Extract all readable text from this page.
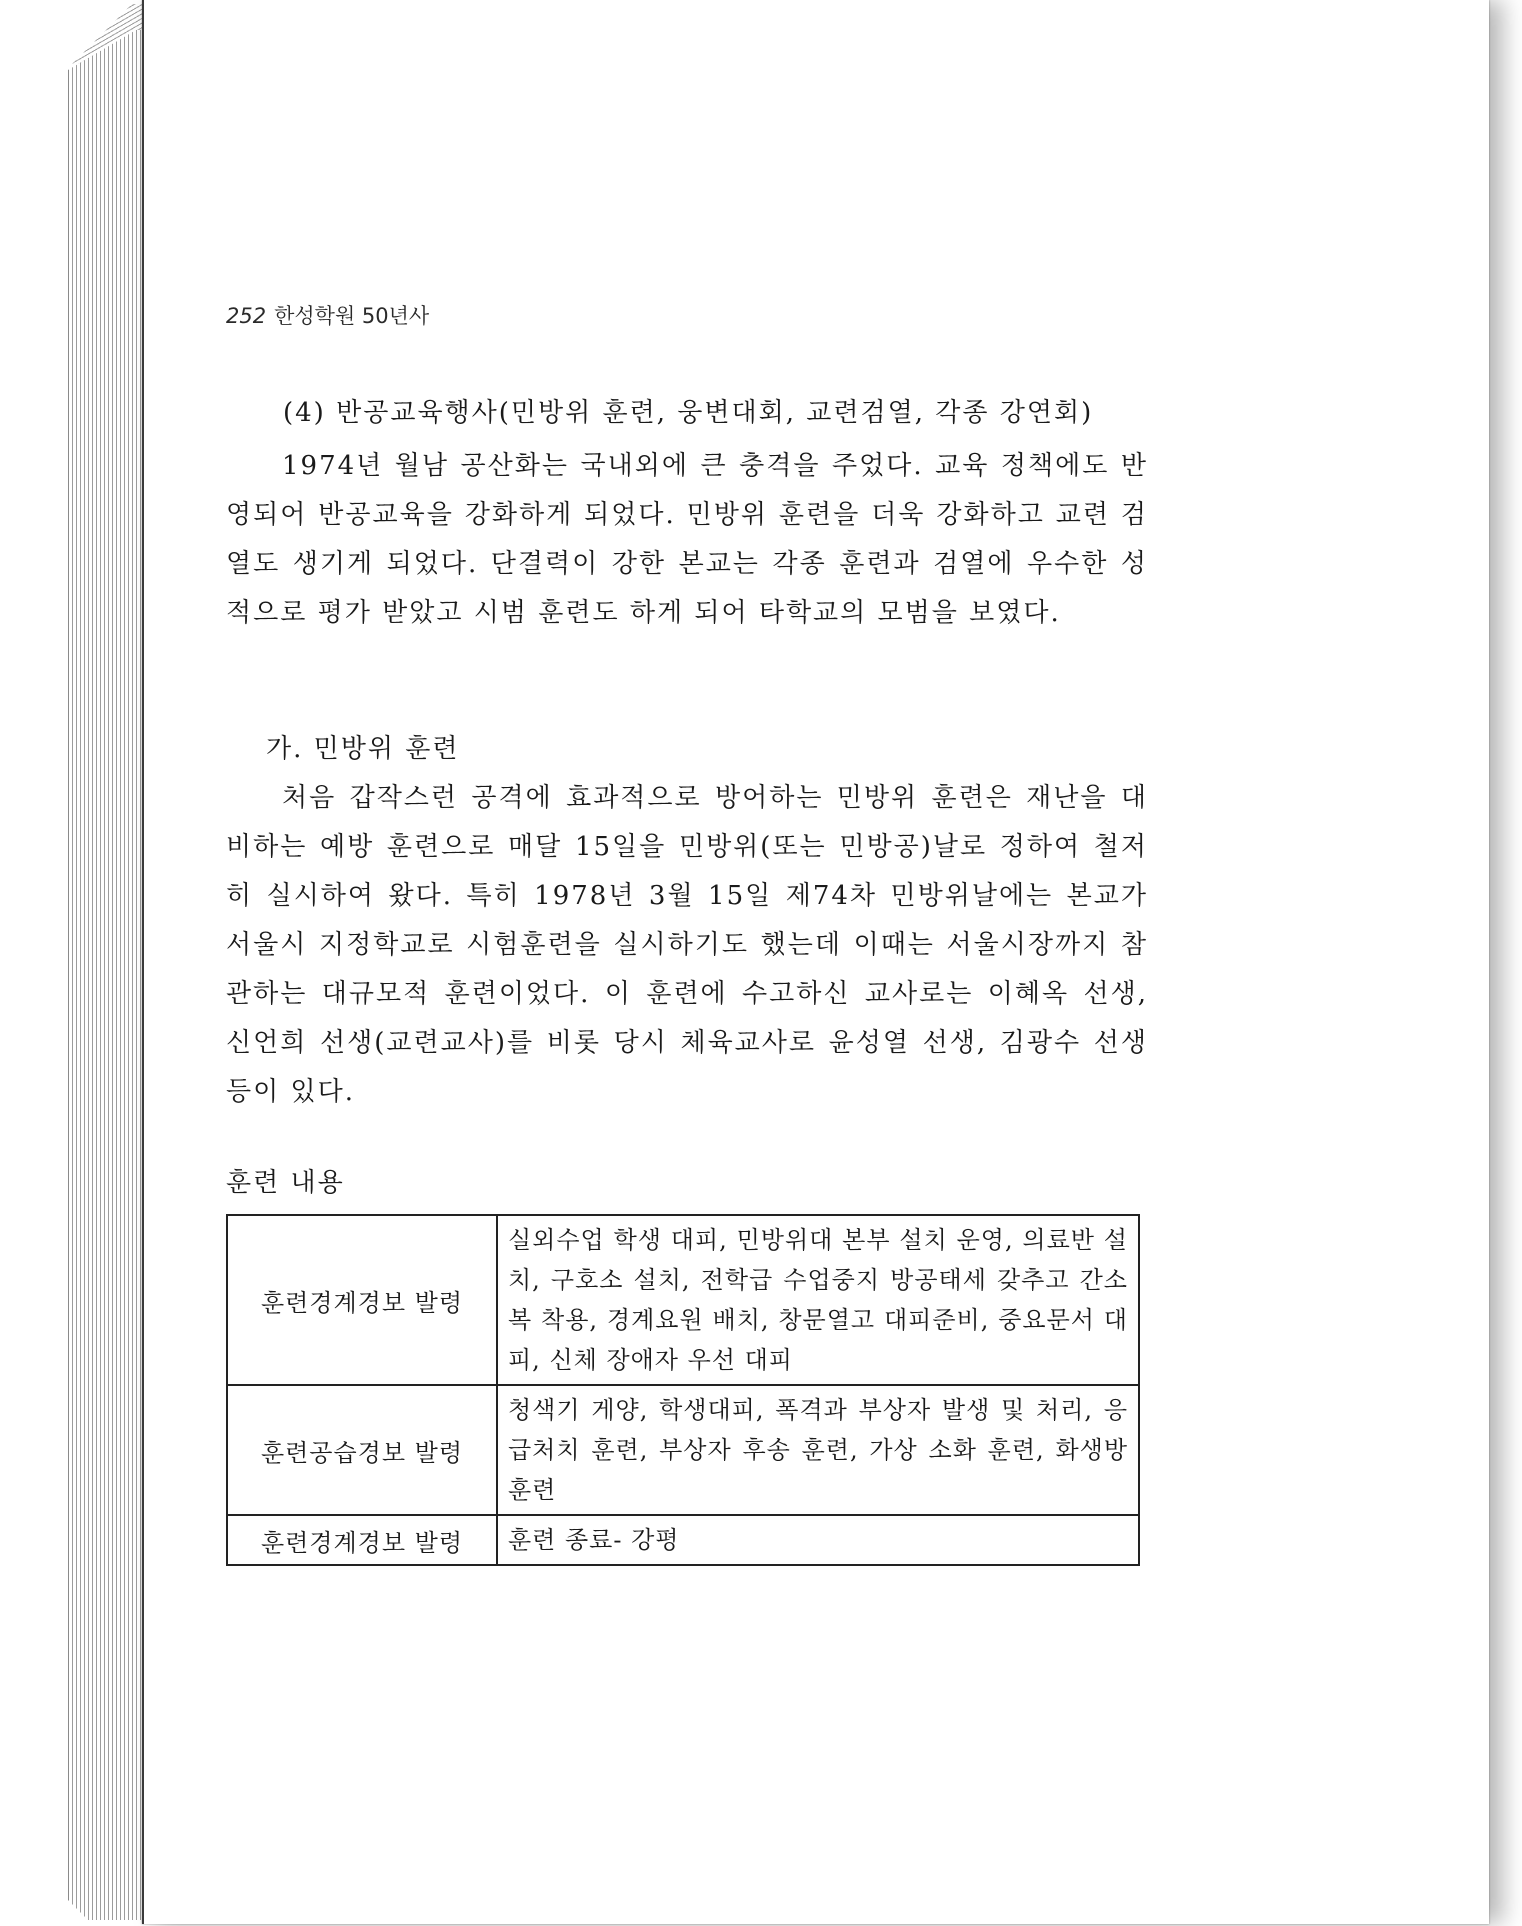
252 한성학원 50년사
(4) 반공교육행사(민방위 훈련, 웅변대회, 교련검열, 각종 강연회)
1974년 월남 공산화는 국내외에 큰 충격을 주었다. 교육 정책에도 반영되어 반공교육을 강화하게 되었다. 민방위 훈련을 더욱 강화하고 교련 검열도 생기게 되었다. 단결력이 강한 본교는 각종 훈련과 검열에 우수한 성적으로 평가 받았고 시범 훈련도 하게 되어 타학교의 모범을 보였다.
가. 민방위 훈련
처음 갑작스런 공격에 효과적으로 방어하는 민방위 훈련은 재난을 대비하는 예방 훈련으로 매달 15일을 민방위(또는 민방공)날로 정하여 철저히 실시하여 왔다. 특히 1978년 3월 15일 제74차 민방위날에는 본교가 서울시 지정학교로 시험훈련을 실시하기도 했는데 이때는 서울시장까지 참관하는 대규모적 훈련이었다. 이 훈련에 수고하신 교사로는 이혜옥 선생, 신언희 선생(교련교사)를 비롯 당시 체육교사로 윤성열 선생, 김광수 선생 등이 있다.
훈련 내용
훈련경계경보 발령	실외수업 학생 대피, 민방위대 본부 설치 운영, 의료반 설치, 구호소 설치, 전학급 수업중지 방공태세 갖추고 간소복 착용, 경계요원 배치, 창문열고 대피준비, 중요문서 대피, 신체 장애자 우선 대피
훈련공습경보 발령	청색기 게양, 학생대피, 폭격과 부상자 발생 및 처리, 응급처치 훈련, 부상자 후송 훈련, 가상 소화 훈련, 화생방 훈련
훈련경계경보 발령	훈련 종료- 강평
